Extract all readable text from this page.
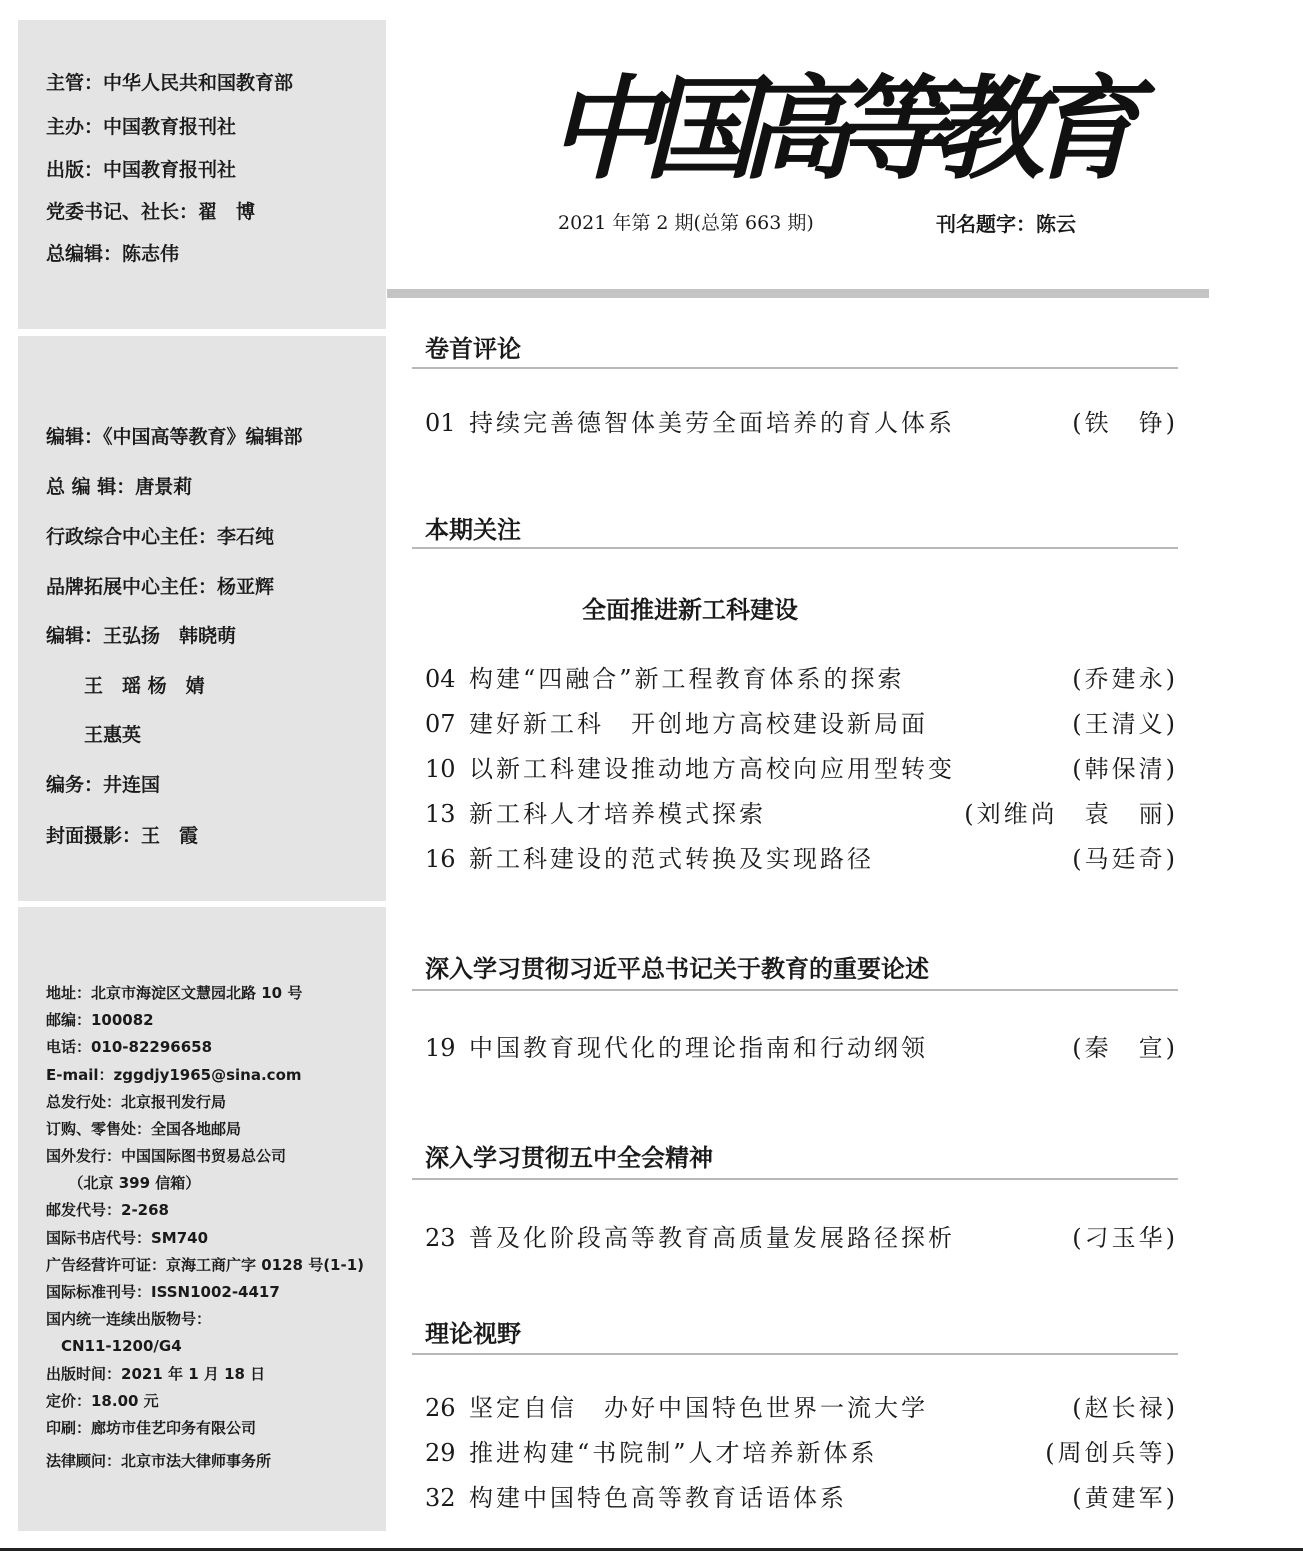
主管：中华人民共和国教育部
主办：中国教育报刊社
出版：中国教育报刊社
党委书记、社长：翟　博
总编辑：陈志伟
编辑：《中国高等教育》编辑部
总 编 辑：唐景莉
行政综合中心主任：李石纯
品牌拓展中心主任：杨亚辉
编辑：王弘扬　韩晓萌
　　王　瑶 杨　婧
　　王惠英
编务：井连国
封面摄影：王　霞
地址：北京市海淀区文慧园北路 10 号
邮编：100082
电话：010-82296658
E-mail：zggdjy1965@sina.com
总发行处：北京报刊发行局
订购、零售处：全国各地邮局
国外发行：中国国际图书贸易总公司
　　（北京 399 信箱）
邮发代号：2-268
国际书店代号：SM740
广告经营许可证：京海工商广字 0128 号(1-1)
国际标准刊号：ISSN1002-4417
国内统一连续出版物号：
　CN11-1200/G4
出版时间：2021 年 1 月 18 日
定价：18.00 元
印刷：廊坊市佳艺印务有限公司
法律顾问：北京市法大律师事务所
中国高等教育
2021 年第 2 期(总第 663 期)	刊名题字：陈云
卷首评论
01 持续完善德智体美劳全面培养的育人体系	(铁　铮)
本期关注
全面推进新工科建设
04 构建“四融合”新工程教育体系的探索	(乔建永)
07 建好新工科　开创地方高校建设新局面	(王清义)
10 以新工科建设推动地方高校向应用型转变	(韩保清)
13 新工科人才培养模式探索	(刘维尚　袁　丽)
16 新工科建设的范式转换及实现路径	(马廷奇)
深入学习贯彻习近平总书记关于教育的重要论述
19 中国教育现代化的理论指南和行动纲领	(秦　宣)
深入学习贯彻五中全会精神
23 普及化阶段高等教育高质量发展路径探析	(刁玉华)
理论视野
26 坚定自信　办好中国特色世界一流大学	(赵长禄)
29 推进构建“书院制”人才培养新体系	(周创兵等)
32 构建中国特色高等教育话语体系	(黄建军)
